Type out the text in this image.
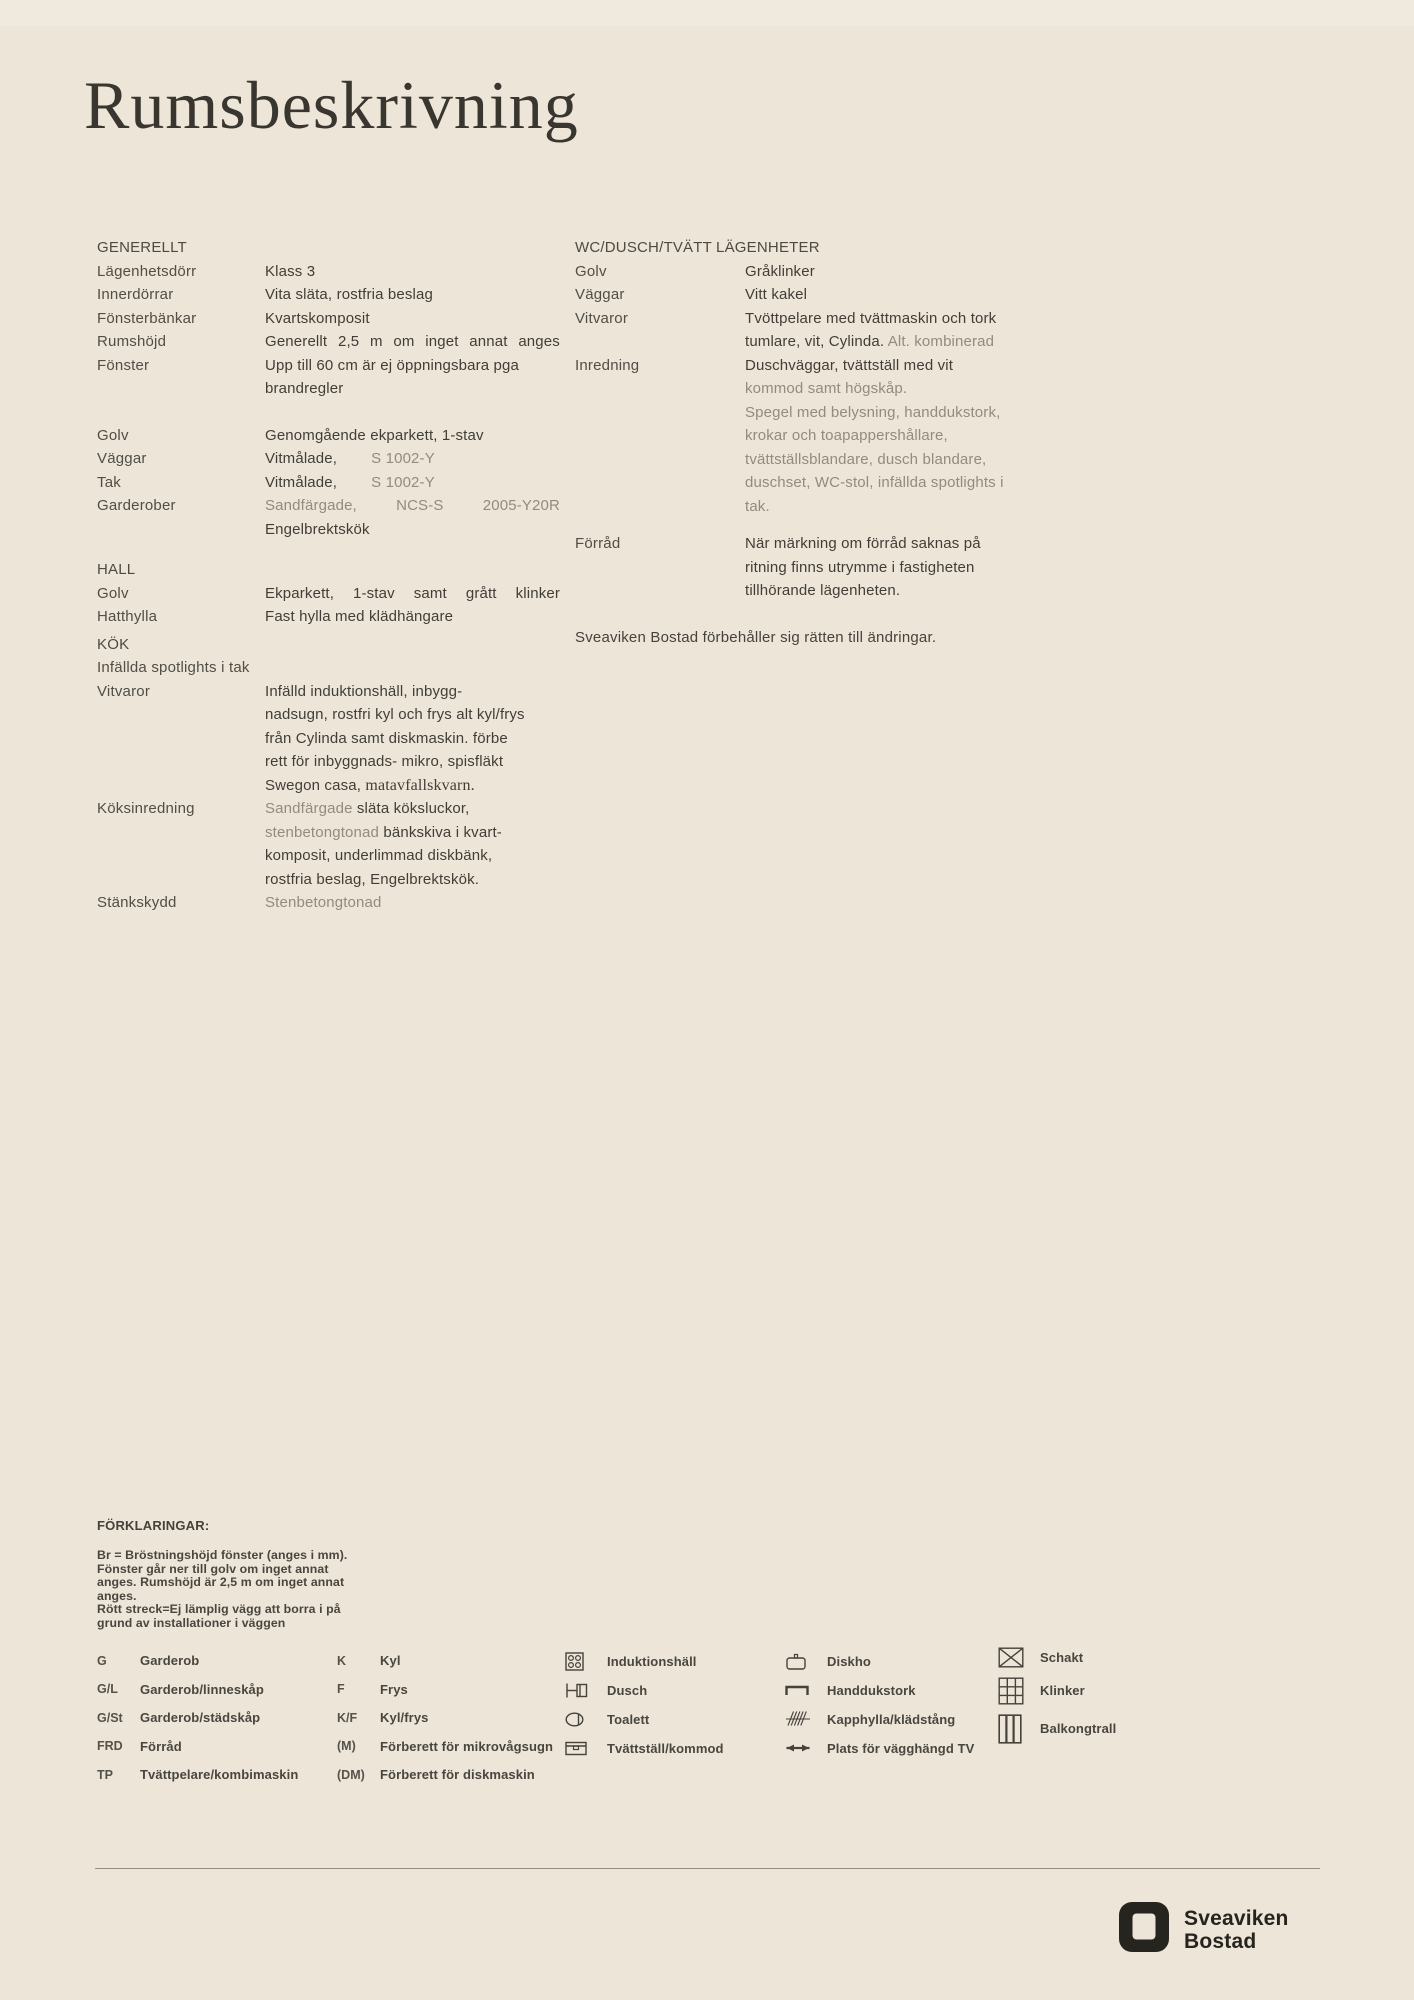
Rumsbeskrivning
GENERELLT
Lägenhetsdörr	Klass 3
Innerdörrar	Vita släta, rostfria beslag
Fönsterbänkar	Kvartskomposit
Rumshöjd	Generellt 2,5 m om inget annat anges
Fönster	Upp till 60 cm är ej öppningsbara pga
brandregler
Golv	Genomgående ekparkett, 1-stav
Väggar	Vitmålade, S 1002-Y
Tak	Vitmålade, S 1002-Y
Garderober	Sandfärgade,	NCS-S	2005-Y20R
Engelbrektskök
HALL
Golv	Ekparkett, 1-stav samt grått klinker
Hatthylla	Fast hylla med klädhängare
KÖK
Infällda spotlights i tak
Vitvaror	Infälld induktionshäll, inbygg-
nadsugn, rostfri kyl och frys alt kyl/frys
från Cylinda samt diskmaskin. förbe
rett för inbyggnads- mikro, spisfläkt
Swegon casa, matavfallskvarn.
Köksinredning	Sandfärgade släta köksluckor,
stenbetongtonad bänkskiva i kvart-
komposit, underlimmad diskbänk,
rostfria beslag, Engelbrektskök.
Stänkskydd	Stenbetongtonad
WC/DUSCH/TVÄTT LÄGENHETER
Golv	Gråklinker
Väggar	Vitt kakel
Vitvaror	Tvöttpelare med tvättmaskin och tork
tumlare, vit, Cylinda. Alt. kombinerad
Inredning	Duschväggar, tvättställ med vit
kommod samt högskåp.
Spegel med belysning, handdukstork,
krokar och toapappershållare,
tvättställsblandare, dusch blandare,
duschset, WC-stol, infällda spotlights i
tak.
Förråd	När märkning om förråd saknas på
ritning finns utrymme i fastigheten
tillhörande lägenheten.
Sveaviken Bostad förbehåller sig rätten till ändringar.
FÖRKLARINGAR:
Br = Bröstningshöjd fönster (anges i mm).
Fönster går ner till golv om inget annat
anges. Rumshöjd är 2,5 m om inget annat
anges.
Rött streck=Ej lämplig vägg att borra i på
grund av installationer i väggen
G	Garderob
G/L	Garderob/linneskåp
G/St	Garderob/städskåp
FRD	Förråd
TP	Tvättpelare/kombimaskin
K	Kyl
F	Frys
K/F	Kyl/frys
(M)	Förberett för mikrovågsugn
(DM)	Förberett för diskmaskin
Induktionshäll
Dusch
Toalett
Tvättställ/kommod
Diskho
Handdukstork
Kapphylla/klädstång
Plats för vägghängd TV
Schakt
Klinker
Balkongtrall
Sveaviken
Bostad
